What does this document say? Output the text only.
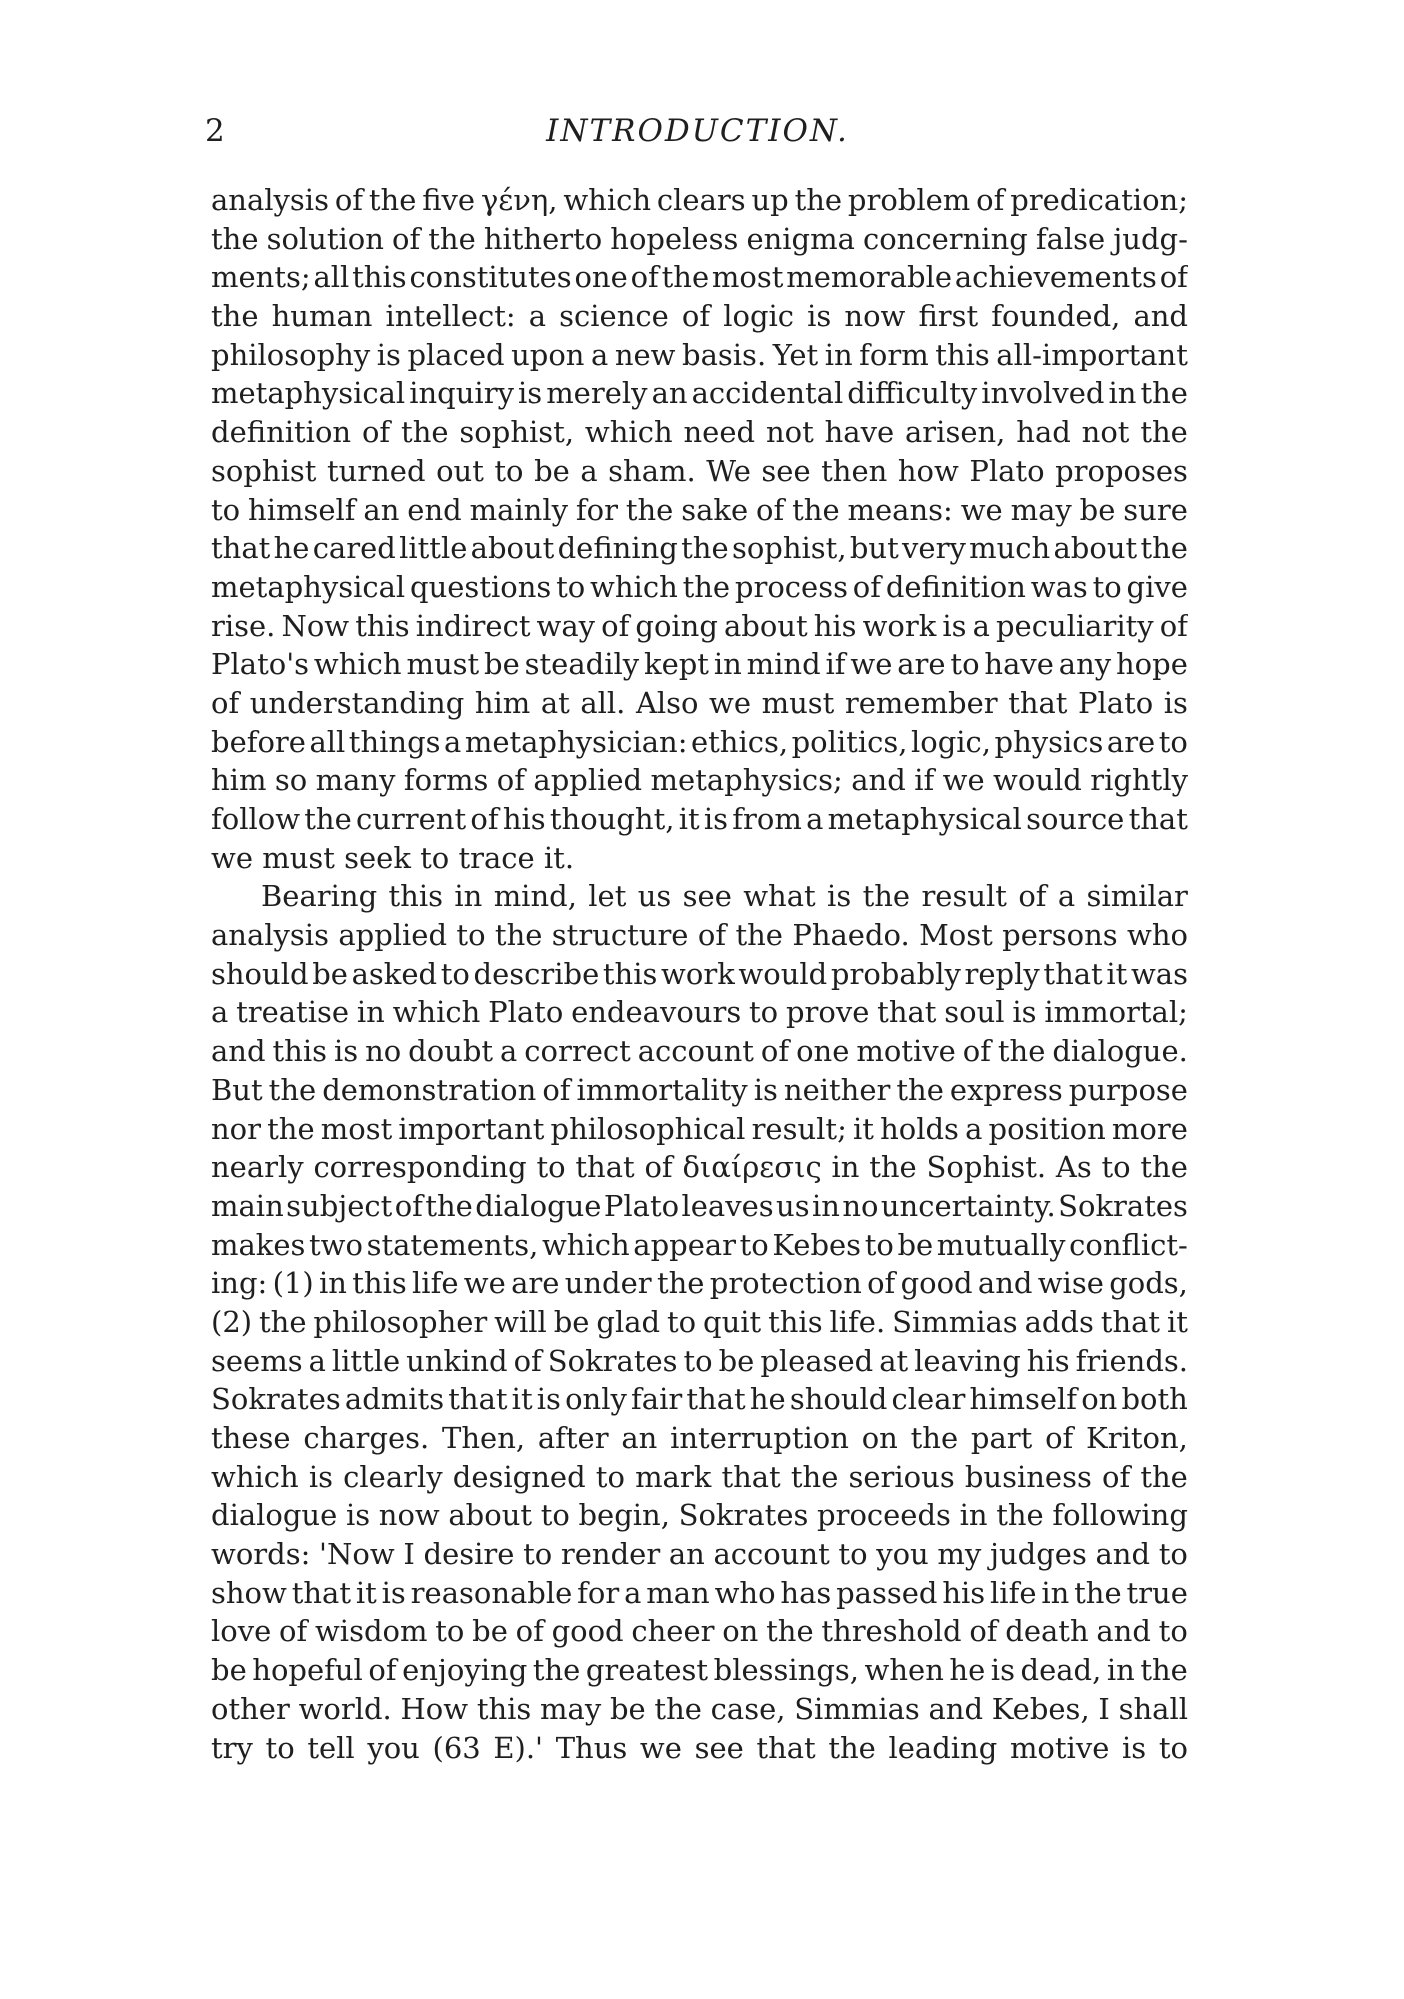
2	INTRODUCTION.
analysis of the five γένη, which clears up the problem of predication;
the solution of the hitherto hopeless enigma concerning false judg-
ments; all this constitutes one of the most memorable achievements of
the human intellect: a science of logic is now first founded, and
philosophy is placed upon a new basis. Yet in form this all-important
metaphysical inquiry is merely an accidental difficulty involved in the
definition of the sophist, which need not have arisen, had not the
sophist turned out to be a sham. We see then how Plato proposes
to himself an end mainly for the sake of the means: we may be sure
that he cared little about defining the sophist, but very much about the
metaphysical questions to which the process of definition was to give
rise. Now this indirect way of going about his work is a peculiarity of
Plato's which must be steadily kept in mind if we are to have any hope
of understanding him at all. Also we must remember that Plato is
before all things a metaphysician: ethics, politics, logic, physics are to
him so many forms of applied metaphysics; and if we would rightly
follow the current of his thought, it is from a metaphysical source that
we must seek to trace it.
Bearing this in mind, let us see what is the result of a similar
analysis applied to the structure of the Phaedo. Most persons who
should be asked to describe this work would probably reply that it was
a treatise in which Plato endeavours to prove that soul is immortal;
and this is no doubt a correct account of one motive of the dialogue.
But the demonstration of immortality is neither the express purpose
nor the most important philosophical result; it holds a position more
nearly corresponding to that of διαίρεσις in the Sophist. As to the
main subject of the dialogue Plato leaves us in no uncertainty. Sokrates
makes two statements, which appear to Kebes to be mutually conflict-
ing: (1) in this life we are under the protection of good and wise gods,
(2) the philosopher will be glad to quit this life. Simmias adds that it
seems a little unkind of Sokrates to be pleased at leaving his friends.
Sokrates admits that it is only fair that he should clear himself on both
these charges. Then, after an interruption on the part of Kriton,
which is clearly designed to mark that the serious business of the
dialogue is now about to begin, Sokrates proceeds in the following
words: 'Now I desire to render an account to you my judges and to
show that it is reasonable for a man who has passed his life in the true
love of wisdom to be of good cheer on the threshold of death and to
be hopeful of enjoying the greatest blessings, when he is dead, in the
other world. How this may be the case, Simmias and Kebes, I shall
try to tell you (63 E).' Thus we see that the leading motive is to
